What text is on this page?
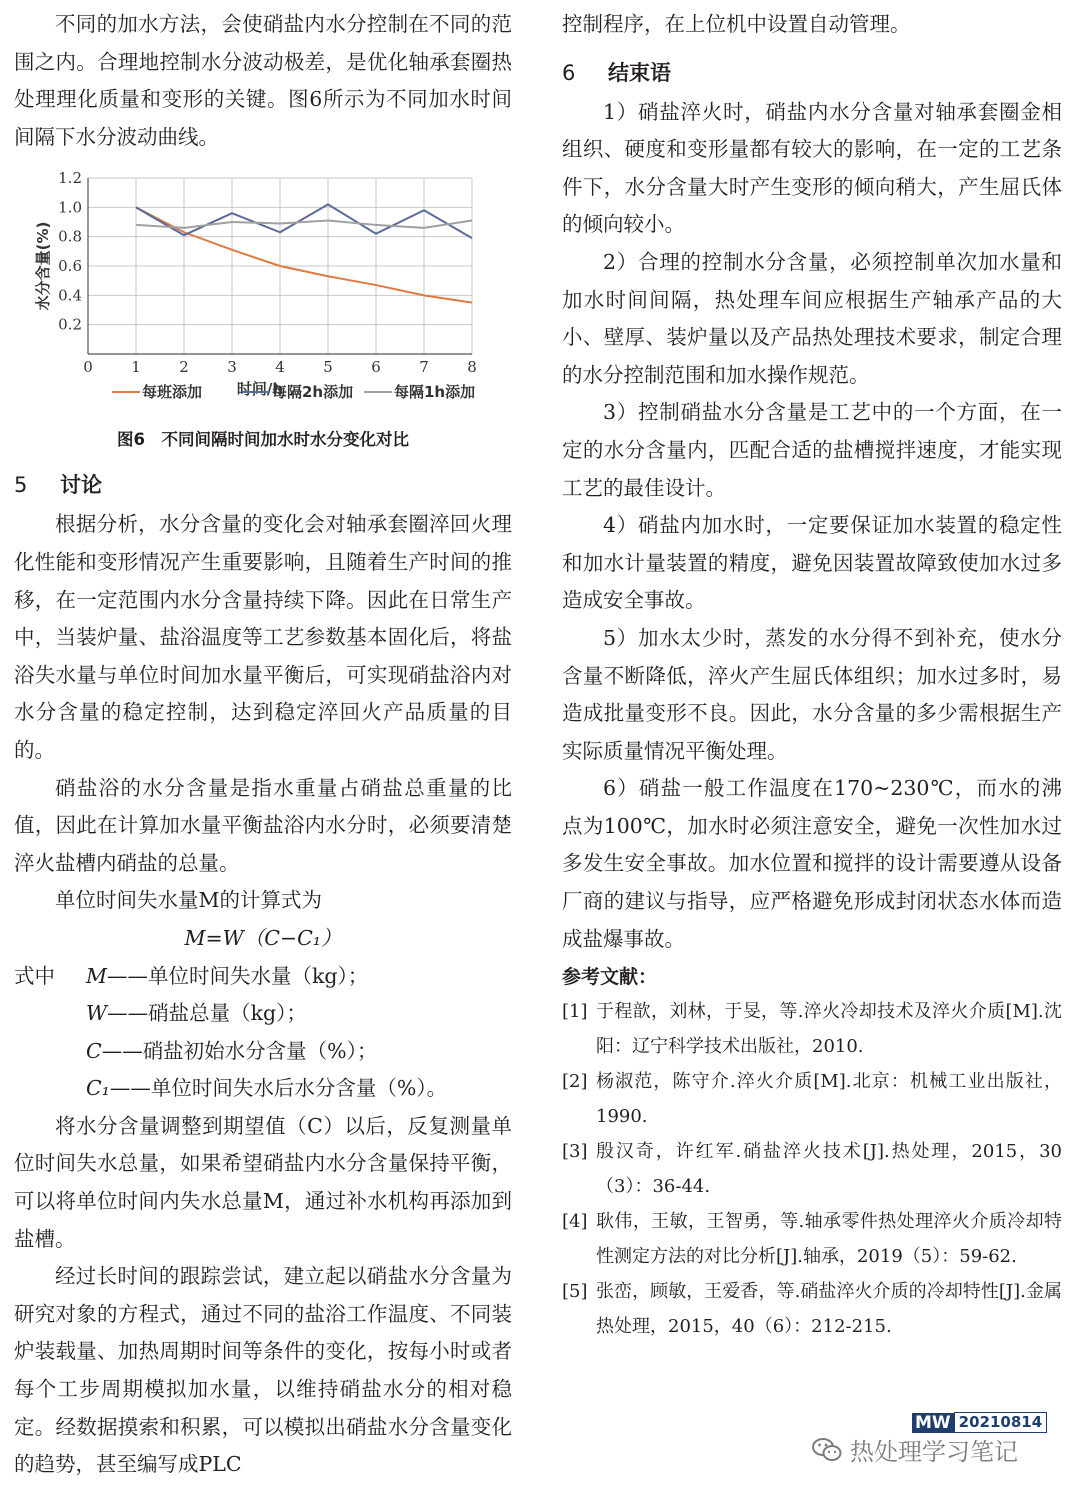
不同的加水方法，会使硝盐内水分控制在不同的范围之内。合理地控制水分波动极差，是优化轴承套圈热处理理化质量和变形的关键。图6所示为不同加水时间间隔下水分波动曲线。

0	1	2	3	4	5	6	7	8
0.2
0.4
0.6
0.8
1.0
1.2
时间/h
水分含量(%)
每班添加	每隔2h添加	每隔1h添加
图6　不同间隔时间加水时水分变化对比
5 讨论

根据分析，水分含量的变化会对轴承套圈淬回火理化性能和变形情况产生重要影响，且随着生产时间的推移，在一定范围内水分含量持续下降。因此在日常生产中，当装炉量、盐浴温度等工艺参数基本固化后，将盐浴失水量与单位时间加水量平衡后，可实现硝盐浴内对水分含量的稳定控制，达到稳定淬回火产品质量的目的。

硝盐浴的水分含量是指水重量占硝盐总重量的比值，因此在计算加水量平衡盐浴内水分时，必须要清楚淬火盐槽内硝盐的总量。

单位时间失水量M的计算式为

M=W（C−C₁）

式中 M——单位时间失水量（kg）；
W——硝盐总量（kg）；
C——硝盐初始水分含量（%）；
C₁——单位时间失水后水分含量（%）。

将水分含量调整到期望值（C）以后，反复测量单位时间失水总量，如果希望硝盐内水分含量保持平衡，可以将单位时间内失水总量M，通过补水机构再添加到盐槽。

经过长时间的跟踪尝试，建立起以硝盐水分含量为研究对象的方程式，通过不同的盐浴工作温度、不同装炉装载量、加热周期时间等条件的变化，按每小时或者每个工步周期模拟加水量，以维持硝盐水分的相对稳定。经数据摸索和积累，可以模拟出硝盐水分含量变化的趋势，甚至编写成PLC

控制程序，在上位机中设置自动管理。

6 结束语

1）硝盐淬火时，硝盐内水分含量对轴承套圈金相组织、硬度和变形量都有较大的影响，在一定的工艺条件下，水分含量大时产生变形的倾向稍大，产生屈氏体的倾向较小。

2）合理的控制水分含量，必须控制单次加水量和加水时间间隔，热处理车间应根据生产轴承产品的大小、壁厚、装炉量以及产品热处理技术要求，制定合理的水分控制范围和加水操作规范。

3）控制硝盐水分含量是工艺中的一个方面，在一定的水分含量内，匹配合适的盐槽搅拌速度，才能实现工艺的最佳设计。

4）硝盐内加水时，一定要保证加水装置的稳定性和加水计量装置的精度，避免因装置故障致使加水过多造成安全事故。

5）加水太少时，蒸发的水分得不到补充，使水分含量不断降低，淬火产生屈氏体组织；加水过多时，易造成批量变形不良。因此，水分含量的多少需根据生产实际质量情况平衡处理。

6）硝盐一般工作温度在170~230℃，而水的沸点为100℃，加水时必须注意安全，避免一次性加水过多发生安全事故。加水位置和搅拌的设计需要遵从设备厂商的建议与指导，应严格避免形成封闭状态水体而造成盐爆事故。

参考文献：
[1] 于程歆，刘林，于旻，等.淬火冷却技术及淬火介质[M].沈阳：辽宁科学技术出版社，2010.
[2] 杨淑范，陈守介.淬火介质[M].北京：机械工业出版社，1990.
[3] 殷汉奇，许红军.硝盐淬火技术[J].热处理，2015，30（3）：36-44.
[4] 耿伟，王敏，王智勇，等.轴承零件热处理淬火介质冷却特性测定方法的对比分析[J].轴承，2019（5）：59-62.
[5] 张峦，顾敏，王爱香，等.硝盐淬火介质的冷却特性[J].金属热处理，2015，40（6）：212-215.
MW 20210814
热处理学习笔记
